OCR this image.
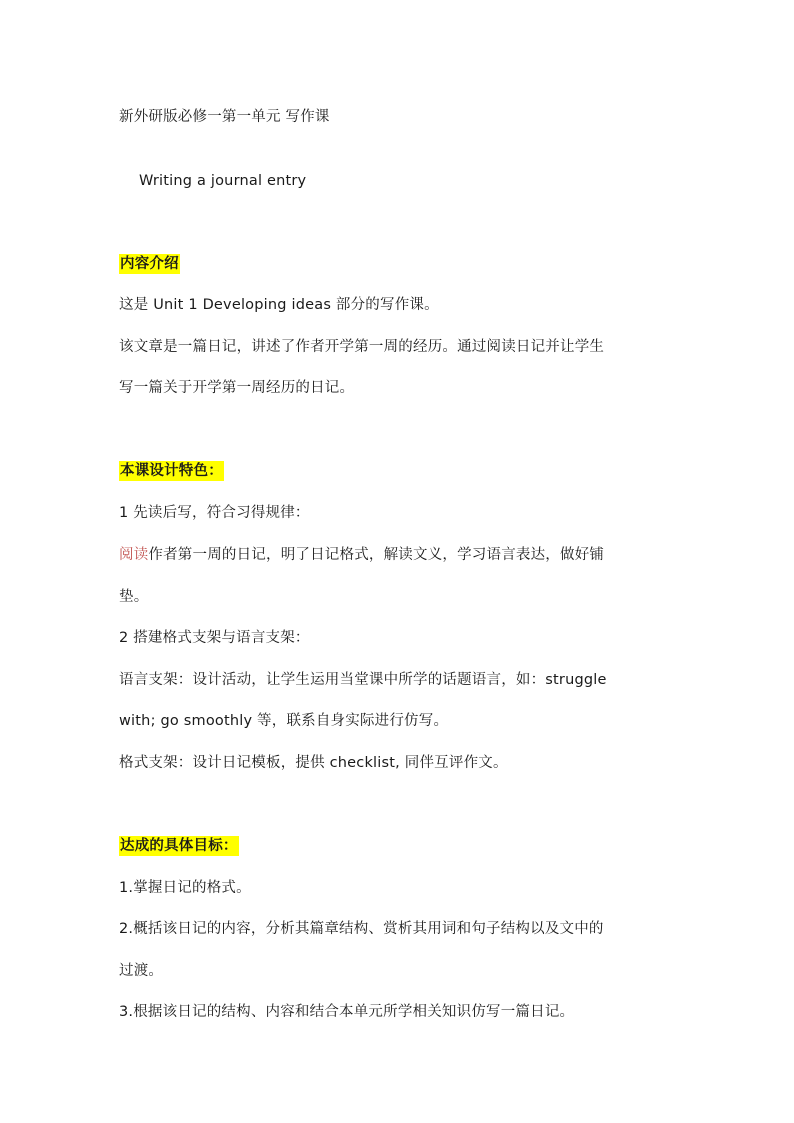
新外研版必修一第一单元 写作课
Writing a journal entry
内容介绍
这是 Unit 1 Developing ideas 部分的写作课。
该文章是一篇日记，讲述了作者开学第一周的经历。通过阅读日记并让学生
写一篇关于开学第一周经历的日记。
本课设计特色：
1 先读后写，符合习得规律：
阅读作者第一周的日记，明了日记格式，解读文义，学习语言表达，做好铺
垫。
2 搭建格式支架与语言支架：
语言支架：设计活动，让学生运用当堂课中所学的话题语言，如：struggle
with; go smoothly 等，联系自身实际进行仿写。
格式支架：设计日记模板，提供 checklist, 同伴互评作文。
达成的具体目标：
1.掌握日记的格式。
2.概括该日记的内容，分析其篇章结构、赏析其用词和句子结构以及文中的
过渡。
3.根据该日记的结构、内容和结合本单元所学相关知识仿写一篇日记。
